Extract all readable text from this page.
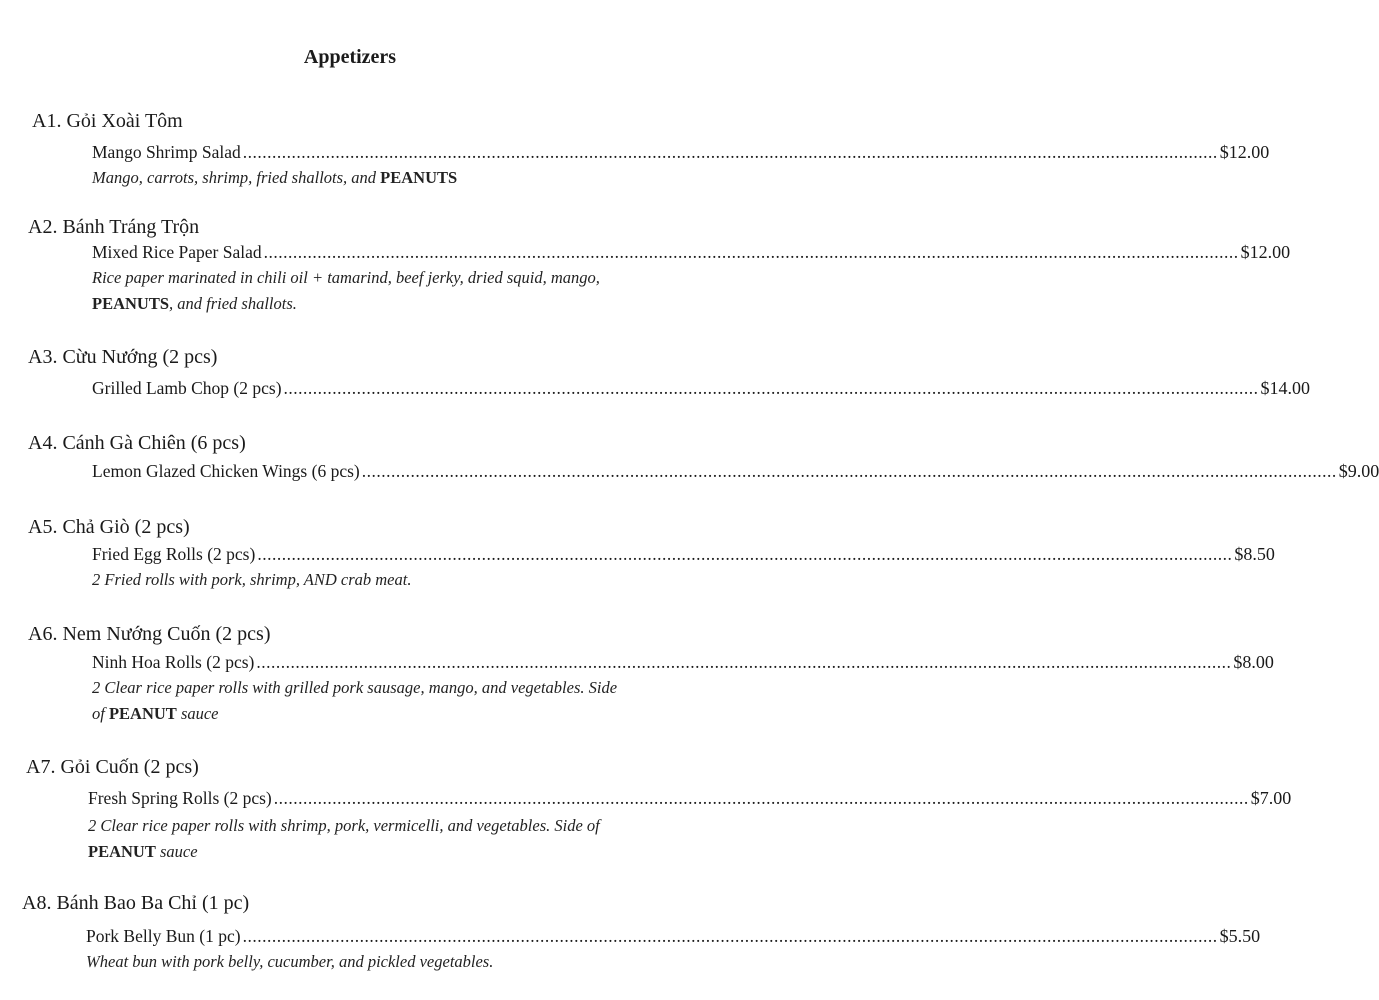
Appetizers
A1. Gỏi Xoài Tôm
Mango Shrimp Salad ........................................................................................................................................................................................................ $12.00
Mango, carrots, shrimp, fried shallots, and PEANUTS
A2. Bánh Tráng Trộn
Mixed Rice Paper Salad ........................................................................................................................................................................................................ $12.00
Rice paper marinated in chili oil + tamarind, beef jerky, dried squid, mango, PEANUTS, and fried shallots.
A3. Cừu Nướng (2 pcs)
Grilled Lamb Chop (2 pcs) ........................................................................................................................................................................................................ $14.00
A4. Cánh Gà Chiên (6 pcs)
Lemon Glazed Chicken Wings (6 pcs) ........................................................................................................................................................................................................ $9.00
A5. Chả Giò (2 pcs)
Fried Egg Rolls (2 pcs) ........................................................................................................................................................................................................ $8.50
2 Fried rolls with pork, shrimp, AND crab meat.
A6. Nem Nướng Cuốn (2 pcs)
Ninh Hoa Rolls (2 pcs) ........................................................................................................................................................................................................ $8.00
2 Clear rice paper rolls with grilled pork sausage, mango, and vegetables. Side of PEANUT sauce
A7. Gỏi Cuốn (2 pcs)
Fresh Spring Rolls (2 pcs) ........................................................................................................................................................................................................ $7.00
2 Clear rice paper rolls with shrimp, pork, vermicelli, and vegetables. Side of PEANUT sauce
A8. Bánh Bao Ba Chỉ (1 pc)
Pork Belly Bun (1 pc) ........................................................................................................................................................................................................ $5.50
Wheat bun with pork belly, cucumber, and pickled vegetables.
